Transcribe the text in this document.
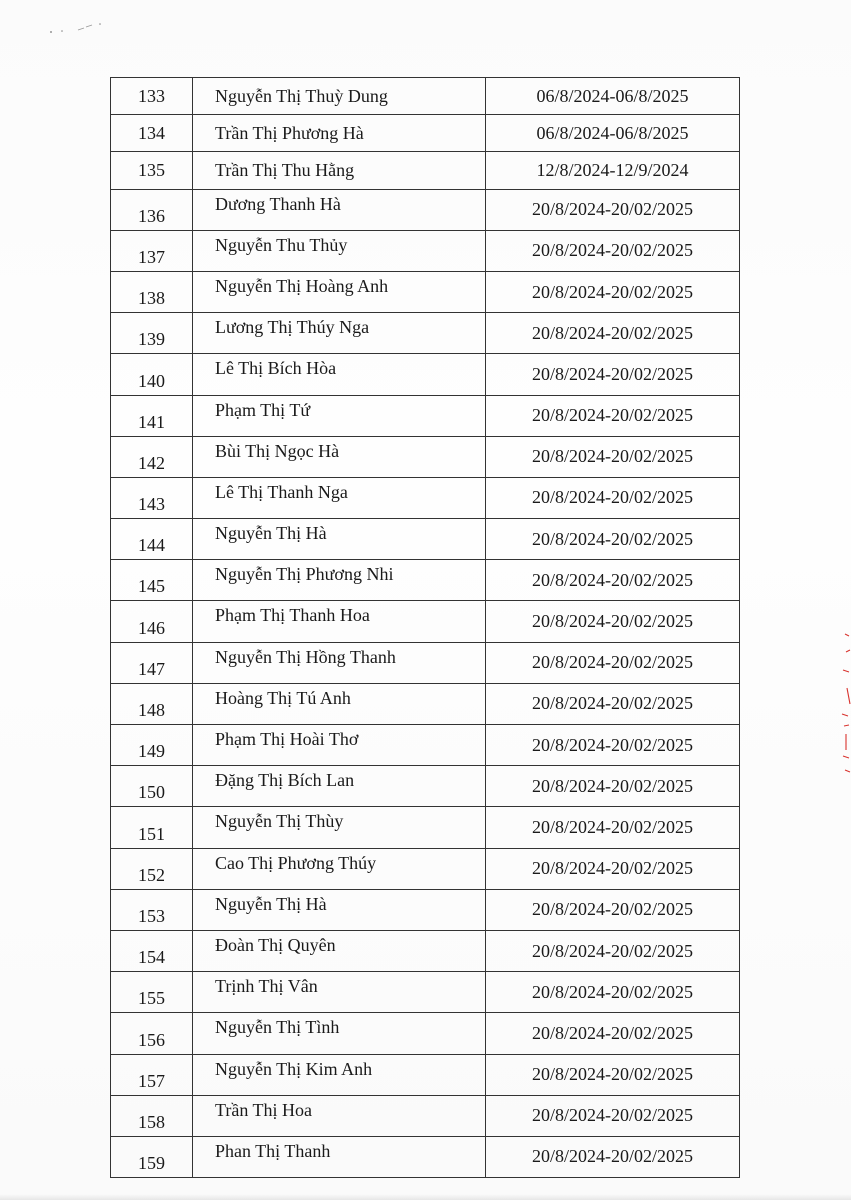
133	Nguyễn Thị Thuỳ Dung	06/8/2024-06/8/2025
134	Trần Thị Phương Hà	06/8/2024-06/8/2025
135	Trần Thị Thu Hằng	12/8/2024-12/9/2024
136	Dương Thanh Hà	20/8/2024-20/02/2025
137	Nguyễn Thu Thủy	20/8/2024-20/02/2025
138	Nguyễn Thị Hoàng Anh	20/8/2024-20/02/2025
139	Lương Thị Thúy Nga	20/8/2024-20/02/2025
140	Lê Thị Bích Hòa	20/8/2024-20/02/2025
141	Phạm Thị Tứ	20/8/2024-20/02/2025
142	Bùi Thị Ngọc Hà	20/8/2024-20/02/2025
143	Lê Thị Thanh Nga	20/8/2024-20/02/2025
144	Nguyễn Thị Hà	20/8/2024-20/02/2025
145	Nguyễn Thị Phương Nhi	20/8/2024-20/02/2025
146	Phạm Thị Thanh Hoa	20/8/2024-20/02/2025
147	Nguyễn Thị Hồng Thanh	20/8/2024-20/02/2025
148	Hoàng Thị Tú Anh	20/8/2024-20/02/2025
149	Phạm Thị Hoài Thơ	20/8/2024-20/02/2025
150	Đặng Thị Bích Lan	20/8/2024-20/02/2025
151	Nguyễn Thị Thùy	20/8/2024-20/02/2025
152	Cao Thị Phương Thúy	20/8/2024-20/02/2025
153	Nguyễn Thị Hà	20/8/2024-20/02/2025
154	Đoàn Thị Quyên	20/8/2024-20/02/2025
155	Trịnh Thị Vân	20/8/2024-20/02/2025
156	Nguyễn Thị Tình	20/8/2024-20/02/2025
157	Nguyễn Thị Kim Anh	20/8/2024-20/02/2025
158	Trần Thị Hoa	20/8/2024-20/02/2025
159	Phan Thị Thanh	20/8/2024-20/02/2025
